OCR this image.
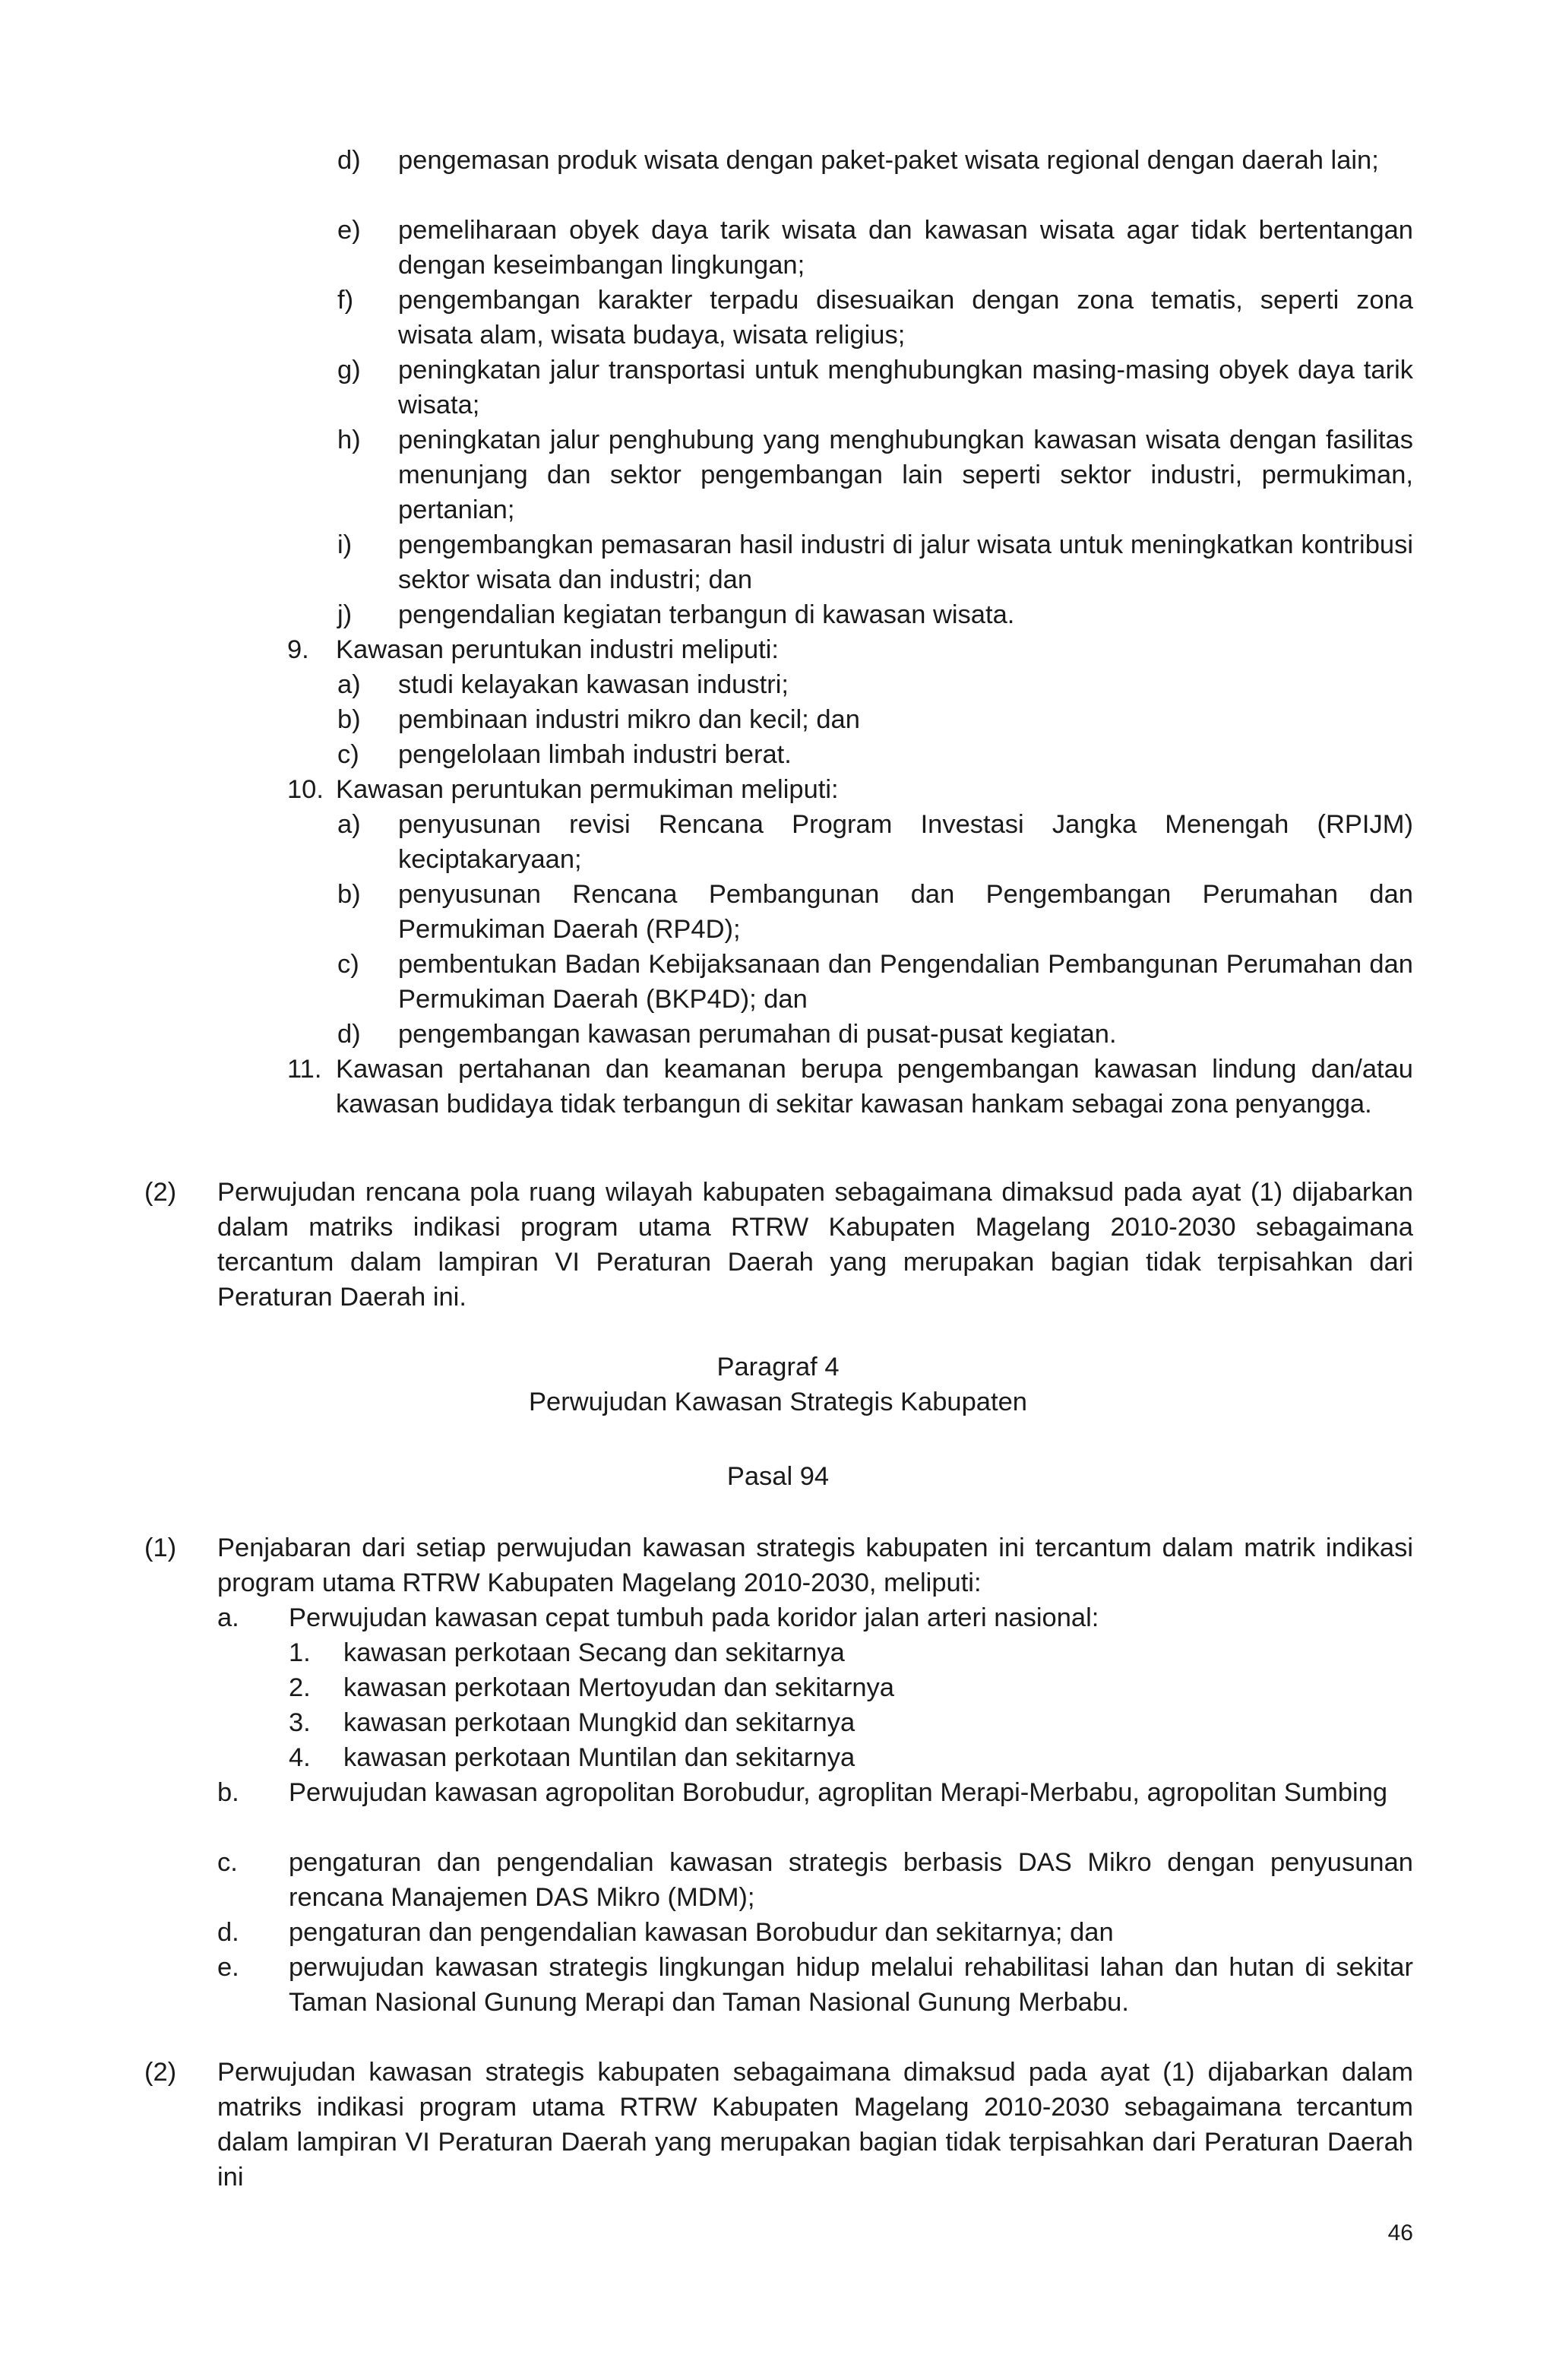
d) pengemasan produk wisata dengan paket-paket wisata regional dengan daerah lain;
e) pemeliharaan obyek daya tarik wisata dan kawasan wisata agar tidak bertentangan dengan keseimbangan lingkungan;
f) pengembangan karakter terpadu disesuaikan dengan zona tematis, seperti zona wisata alam, wisata budaya, wisata religius;
g) peningkatan jalur transportasi untuk menghubungkan masing-masing obyek daya tarik wisata;
h) peningkatan jalur penghubung yang menghubungkan kawasan wisata dengan fasilitas menunjang dan sektor pengembangan lain seperti sektor industri, permukiman, pertanian;
i) pengembangkan pemasaran hasil industri di jalur wisata untuk meningkatkan kontribusi sektor wisata dan industri; dan
j) pengendalian kegiatan terbangun di kawasan wisata.
9. Kawasan peruntukan industri meliputi:
a) studi kelayakan kawasan industri;
b) pembinaan industri mikro dan kecil; dan
c) pengelolaan limbah industri berat.
10. Kawasan peruntukan permukiman meliputi:
a) penyusunan revisi Rencana Program Investasi Jangka Menengah (RPIJM) keciptakaryaan;
b) penyusunan Rencana Pembangunan dan Pengembangan Perumahan dan Permukiman Daerah (RP4D);
c) pembentukan Badan Kebijaksanaan dan Pengendalian Pembangunan Perumahan dan Permukiman Daerah (BKP4D); dan
d) pengembangan kawasan perumahan di pusat-pusat kegiatan.
11. Kawasan pertahanan dan keamanan berupa pengembangan kawasan lindung dan/atau kawasan budidaya tidak terbangun di sekitar kawasan hankam sebagai zona penyangga.
(2) Perwujudan rencana pola ruang wilayah kabupaten sebagaimana dimaksud pada ayat (1) dijabarkan dalam matriks indikasi program utama RTRW Kabupaten Magelang 2010-2030 sebagaimana tercantum dalam lampiran VI Peraturan Daerah yang merupakan bagian tidak terpisahkan dari Peraturan Daerah ini.
Paragraf 4
Perwujudan Kawasan Strategis Kabupaten
Pasal 94
(1) Penjabaran dari setiap perwujudan kawasan strategis kabupaten ini tercantum dalam matrik indikasi program utama RTRW Kabupaten Magelang 2010-2030, meliputi:
a. Perwujudan kawasan cepat tumbuh pada koridor jalan arteri nasional:
1. kawasan perkotaan Secang dan sekitarnya
2. kawasan perkotaan Mertoyudan dan sekitarnya
3. kawasan perkotaan Mungkid dan sekitarnya
4. kawasan perkotaan Muntilan dan sekitarnya
b. Perwujudan kawasan agropolitan Borobudur, agroplitan Merapi-Merbabu, agropolitan Sumbing
c. pengaturan dan pengendalian kawasan strategis berbasis DAS Mikro dengan penyusunan rencana Manajemen DAS Mikro (MDM);
d. pengaturan dan pengendalian kawasan Borobudur dan sekitarnya; dan
e. perwujudan kawasan strategis lingkungan hidup melalui rehabilitasi lahan dan hutan di sekitar Taman Nasional Gunung Merapi dan Taman Nasional Gunung Merbabu.
(2) Perwujudan kawasan strategis kabupaten sebagaimana dimaksud pada ayat (1) dijabarkan dalam matriks indikasi program utama RTRW Kabupaten Magelang 2010-2030 sebagaimana tercantum dalam lampiran VI Peraturan Daerah yang merupakan bagian tidak terpisahkan dari Peraturan Daerah ini
46
